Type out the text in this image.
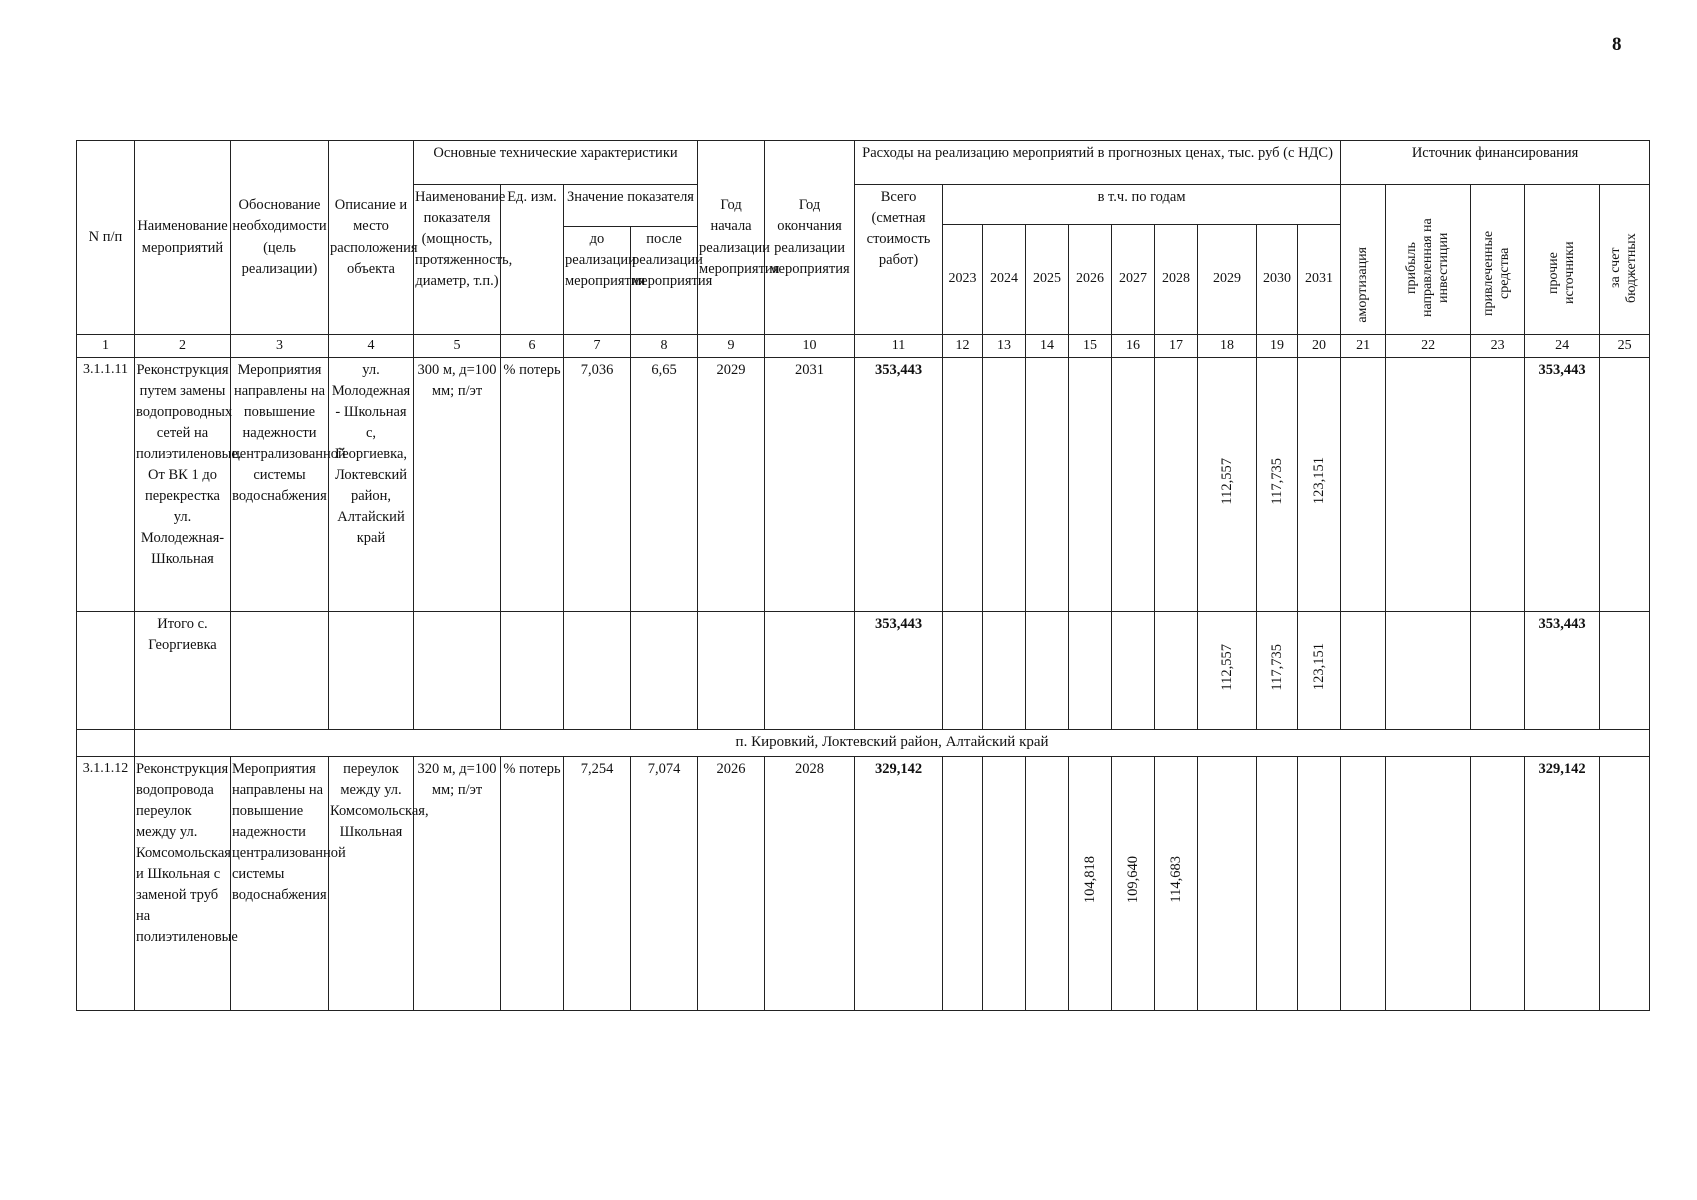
8
N п/п	Наименование мероприятий	Обоснование необходимости (цель реализации)	Описание и место расположения объекта	Основные технические характеристики				Год начала реализации мероприятия	Год окончания реализации мероприятия	Расходы на реализацию мероприятий в прогнозных ценах, тыс. руб (с НДС)										Источник финансирования				
				Наименование показателя (мощность, протяженность, диаметр, т.п.)	Ед. изм.	Значение показателя				Всего (сметная стоимость работ)	в т.ч. по годам									амортизация	прибыль направленная на инвестиции	привлеченные средства	прочие источники	за счет бюджетных
											2023	2024	2025	2026	2027	2028	2029	2030	2031					
						до реализации мероприятия	после реализации мероприятия																	
1	2	3	4	5	6	7	8	9	10	11	12	13	14	15	16	17	18	19	20	21	22	23	24	25
3.1.1.11	Реконструкция путем замены водопроводных сетей на полиэтиленовые. От ВК 1 до перекрестка ул. Молодежная-Школьная	Мероприятия направлены на повышение надежности централизованной системы водоснабжения	ул. Молодежная - Школьная с, Георгиевка, Локтевский район, Алтайский край	300 м, д=100 мм; п/эт	% потерь	7,036	6,65	2029	2031	353,443							112,557	117,735	123,151				353,443	
	Итого с. Георгиевка									353,443							112,557	117,735	123,151				353,443	
	п. Кировкий, Локтевский район, Алтайский край																							
3.1.1.12	Реконструкция водопровода переулок между ул. Комсомольская и Школьная с заменой труб на полиэтиленовые	Мероприятия направлены на повышение надежности централизованной системы водоснабжения	переулок между ул. Комсомольская, Школьная	320 м, д=100 мм; п/эт	% потерь	7,254	7,074	2026	2028	329,142				104,818	109,640	114,683							329,142	
